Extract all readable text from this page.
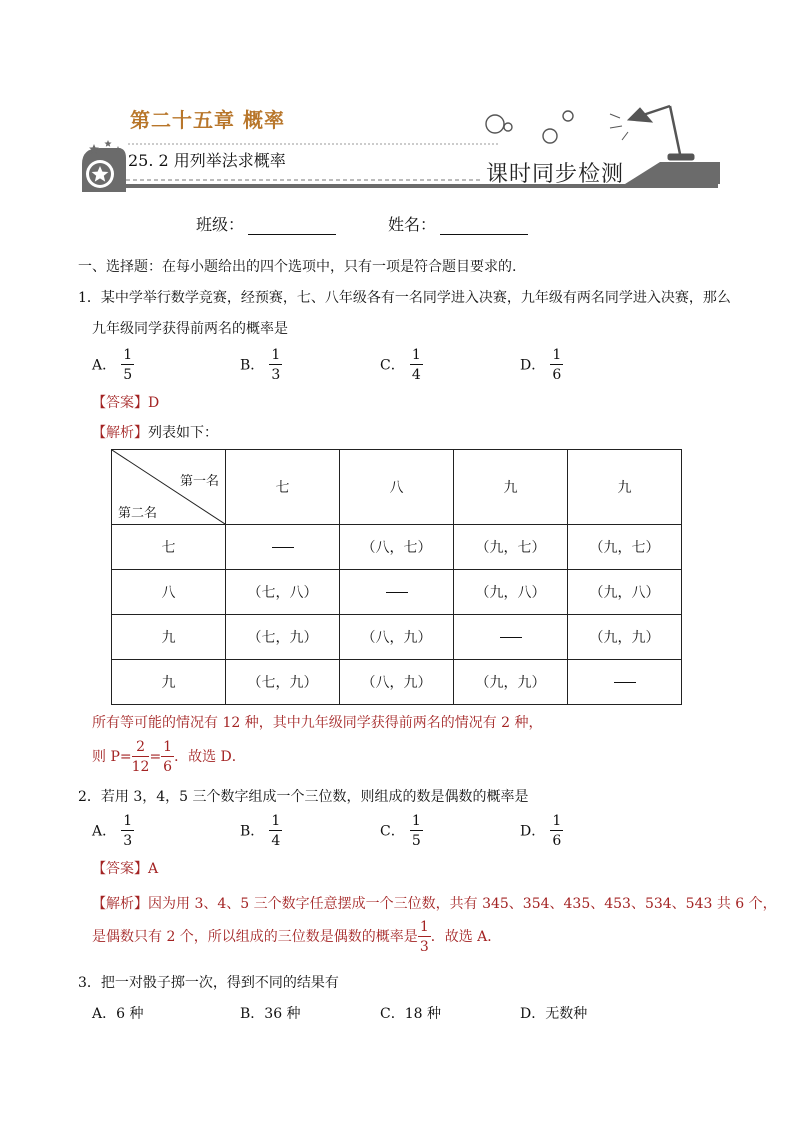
第二十五章 概率
25. 2 用列举法求概率
课时同步检测
班级：	姓名：
一、选择题：在每小题给出的四个选项中，只有一项是符合题目要求的.
1．某中学举行数学竞赛，经预赛，七、八年级各有一名同学进入决赛，九年级有两名同学进入决赛，那么
九年级同学获得前两名的概率是
A． $\frac{1}{5}$	B． $\frac{1}{3}$	C． $\frac{1}{4}$	D． $\frac{1}{6}$
【答案】D
【解析】列表如下：
第一名
第二名	七	八	九	九
七		（八，七）	（九，七）	（九，七）
八	（七，八）		（九，八）	（九，八）
九	（七，九）	（八，九）		（九，九）
九	（七，九）	（八，九）	（九，九）	
所有等可能的情况有 12 种，其中九年级同学获得前两名的情况有 2 种，
则 $P= \frac{2}{12} = \frac{1}{6}$ ．故选 D．
2．若用 3，4，5 三个数字组成一个三位数，则组成的数是偶数的概率是
A． $\frac{1}{3}$	B． $\frac{1}{4}$	C． $\frac{1}{5}$	D． $\frac{1}{6}$
【答案】A
【解析】因为用 3、4、5 三个数字任意摆成一个三位数，共有 345、354、435、453、534、543 共 6 个，
是偶数只有 2 个，所以组成的三位数是偶数的概率是 $\frac{1}{3}$ ．故选 A．
3．把一对骰子掷一次，得到不同的结果有
A．6 种	B．36 种	C．18 种	D．无数种
